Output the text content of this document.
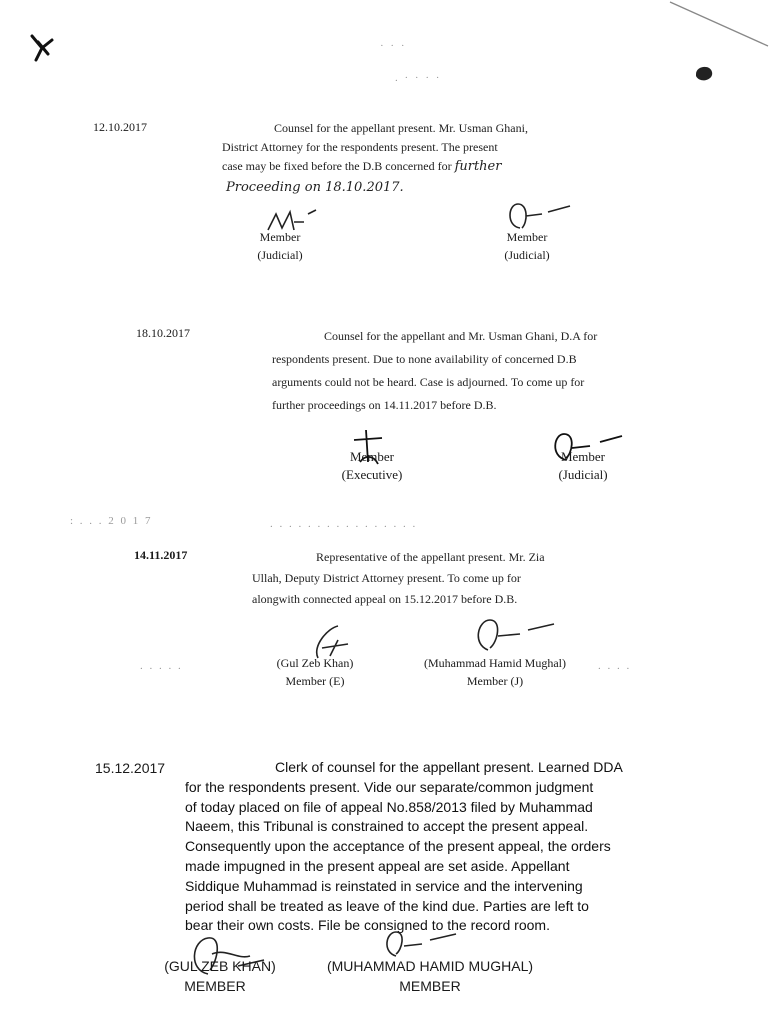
· · ·
. · · · ·
12.10.2017	Counsel for the appellant present. Mr. Usman Ghani,

District Attorney for the respondents present. The present

case may be fixed before the D.B concerned for further

Proceeding on 18.10.2017.
Member
(Judicial)
Member
(Judicial)
18.10.2017	Counsel for the appellant and Mr. Usman Ghani, D.A for

respondents present. Due to none availability of concerned D.B

arguments could not be heard. Case is adjourned. To come up for

further proceedings on 14.11.2017 before D.B.

Member
(Executive)
Member
(Judicial)
: . . . 2 0 1 7	. . . . . . . . . . . . . . . .
14.11.2017	Representative of the appellant present. Mr. Zia

Ullah, Deputy District Attorney present. To come up for

alongwith connected appeal on 15.12.2017 before D.B.

(Gul Zeb Khan)
Member (E)
(Muhammad Hamid Mughal)
Member (J)
. . . . .	. . . .
15.12.2017	Clerk of counsel for the appellant present. Learned DDA

for the respondents present. Vide our separate/common judgment

of today placed on file of appeal No.858/2013 filed by Muhammad

Naeem, this Tribunal is constrained to accept the present appeal.

Consequently upon the acceptance of the present appeal, the orders

made impugned in the present appeal are set aside. Appellant

Siddique Muhammad is reinstated in service and the intervening

period shall be treated as leave of the kind due. Parties are left to

bear their own costs. File be consigned to the record room.

(GUL ZEB KHAN)
MEMBER
(MUHAMMAD HAMID MUGHAL)
MEMBER
